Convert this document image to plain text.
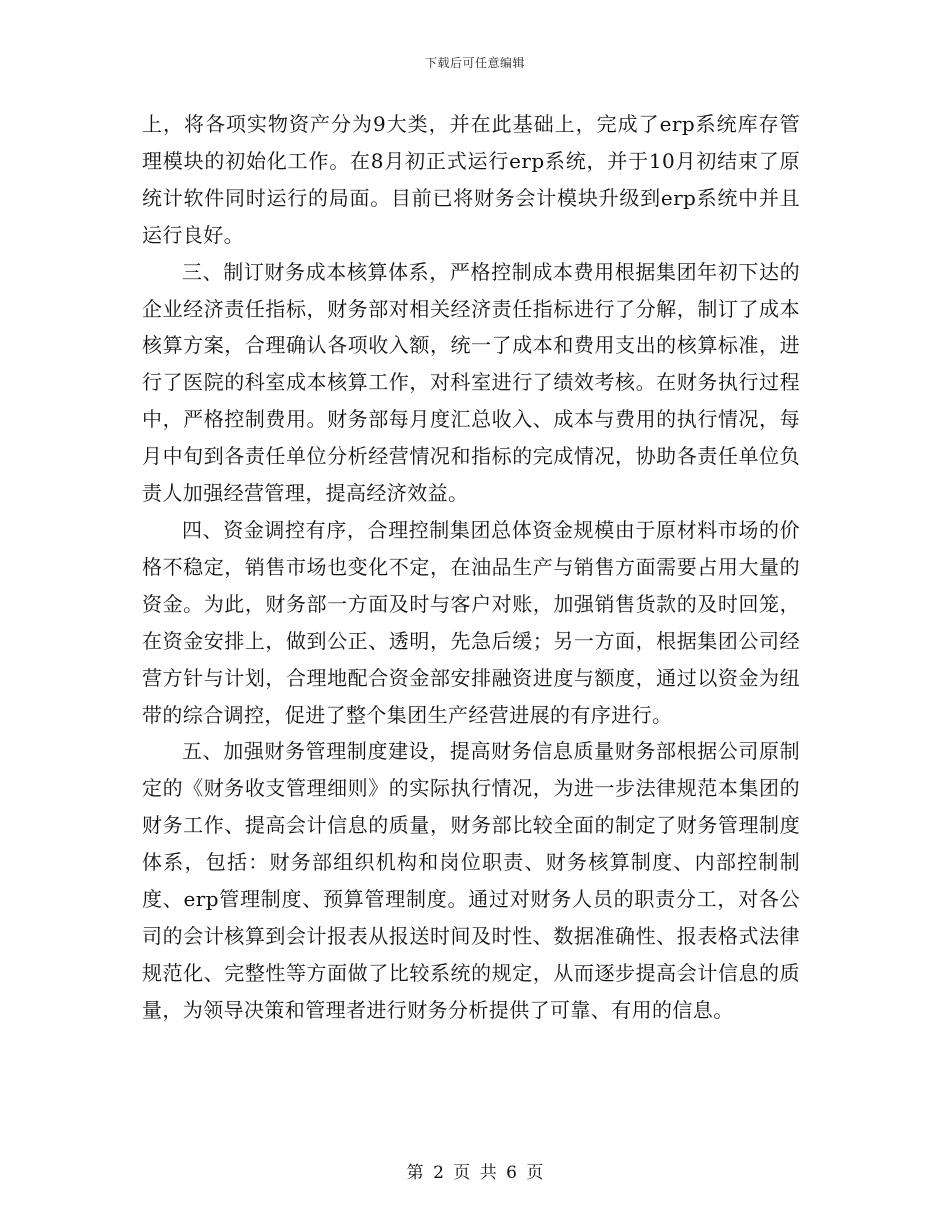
下载后可任意编辑

上，将各项实物资产分为9大类，并在此基础上，完成了erp系统库存管理模块的初始化工作。在8月初正式运行erp系统，并于10月初结束了原统计软件同时运行的局面。目前已将财务会计模块升级到erp系统中并且运行良好。

三、制订财务成本核算体系，严格控制成本费用根据集团年初下达的企业经济责任指标，财务部对相关经济责任指标进行了分解，制订了成本核算方案，合理确认各项收入额，统一了成本和费用支出的核算标准，进行了医院的科室成本核算工作，对科室进行了绩效考核。在财务执行过程中，严格控制费用。财务部每月度汇总收入、成本与费用的执行情况，每月中旬到各责任单位分析经营情况和指标的完成情况，协助各责任单位负责人加强经营管理，提高经济效益。

四、资金调控有序，合理控制集团总体资金规模由于原材料市场的价格不稳定，销售市场也变化不定，在油品生产与销售方面需要占用大量的资金。为此，财务部一方面及时与客户对账，加强销售货款的及时回笼，在资金安排上，做到公正、透明，先急后缓；另一方面，根据集团公司经营方针与计划，合理地配合资金部安排融资进度与额度，通过以资金为纽带的综合调控，促进了整个集团生产经营进展的有序进行。

五、加强财务管理制度建设，提高财务信息质量财务部根据公司原制定的《财务收支管理细则》的实际执行情况，为进一步法律规范本集团的财务工作、提高会计信息的质量，财务部比较全面的制定了财务管理制度体系，包括：财务部组织机构和岗位职责、财务核算制度、内部控制制度、erp管理制度、预算管理制度。通过对财务人员的职责分工，对各公司的会计核算到会计报表从报送时间及时性、数据准确性、报表格式法律规范化、完整性等方面做了比较系统的规定，从而逐步提高会计信息的质量，为领导决策和管理者进行财务分析提供了可靠、有用的信息。

第 2 页 共 6 页
